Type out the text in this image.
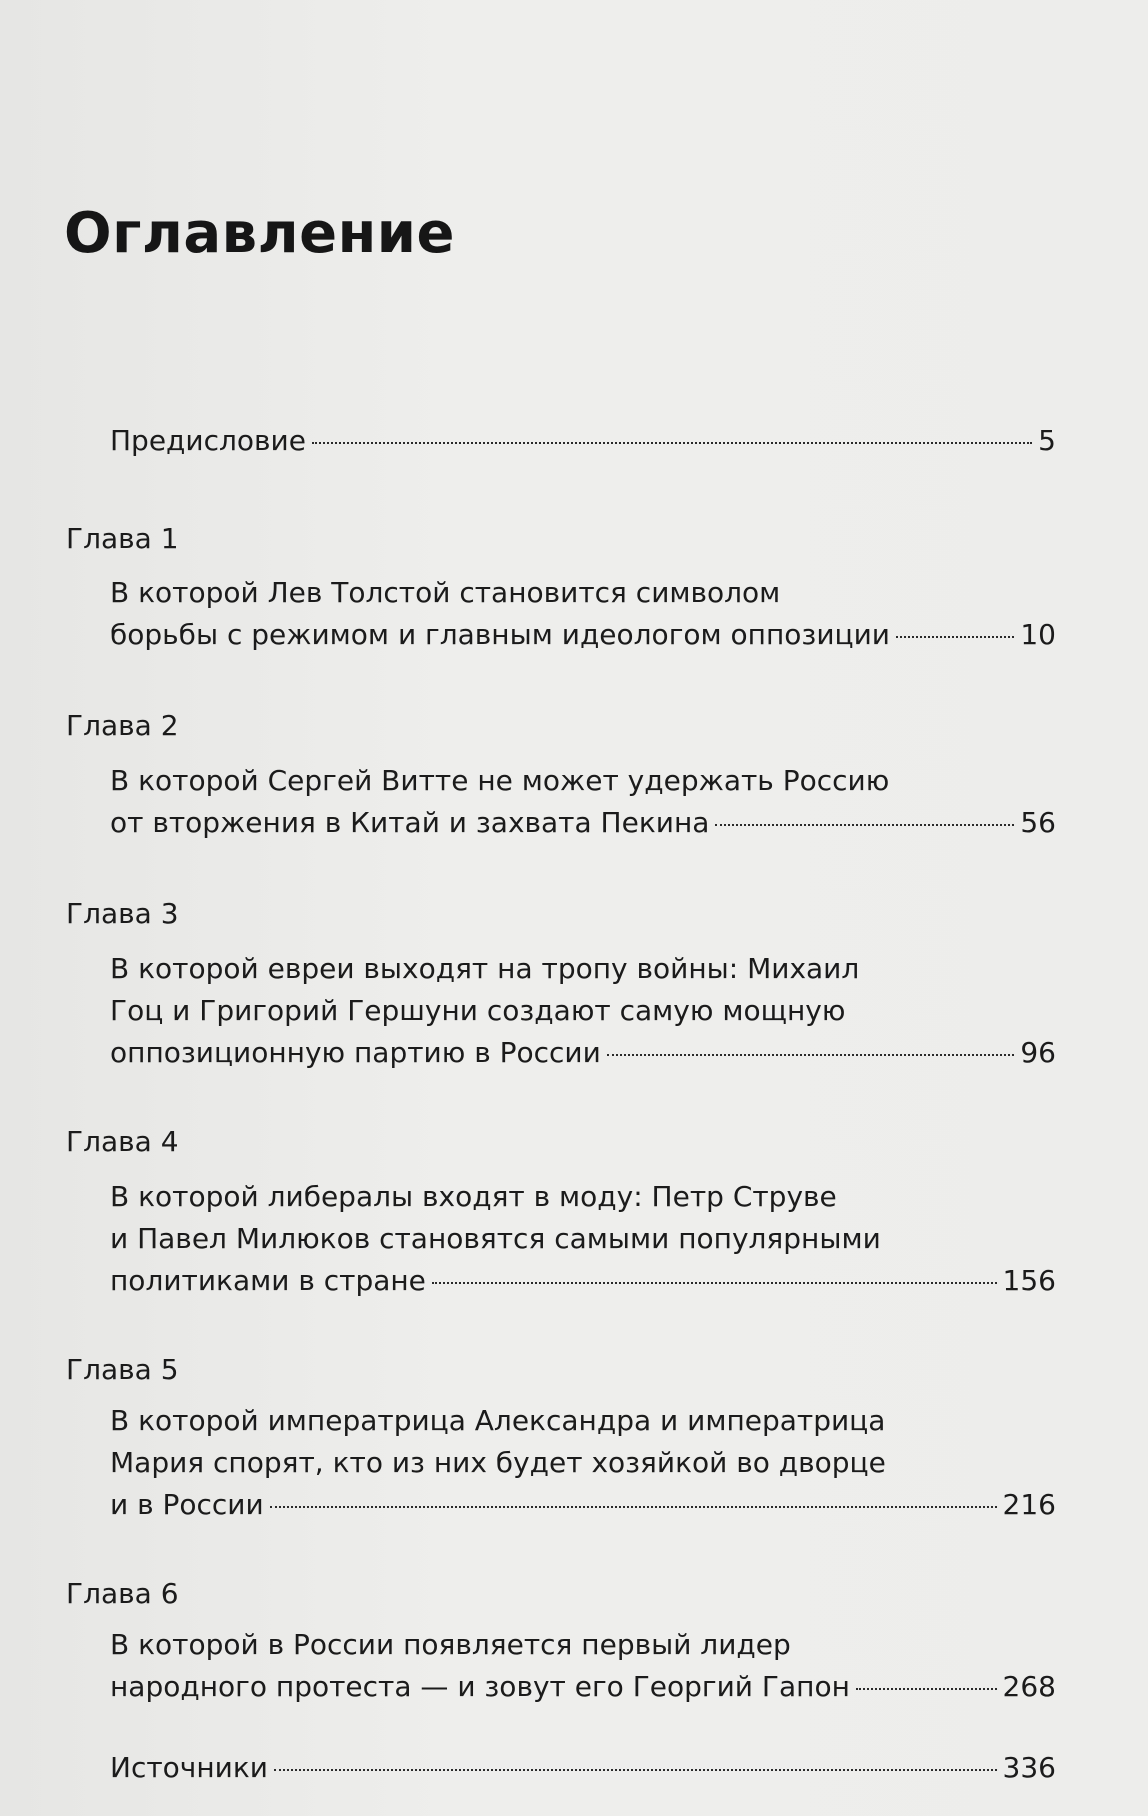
Оглавление
Предисловие	5
Глава 1
В которой Лев Толстой становится символом
борьбы с режимом и главным идеологом оппозиции	10
Глава 2
В которой Сергей Витте не может удержать Россию
от вторжения в Китай и захвата Пекина	56
Глава 3
В которой евреи выходят на тропу войны: Михаил
Гоц и Григорий Гершуни создают самую мощную
оппозиционную партию в России	96
Глава 4
В которой либералы входят в моду: Петр Струве
и Павел Милюков становятся самыми популярными
политиками в стране	156
Глава 5
В которой императрица Александра и императрица
Мария спорят, кто из них будет хозяйкой во дворце
и в России	216
Глава 6
В которой в России появляется первый лидер
народного протеста — и зовут его Георгий Гапон	268
Источники	336
